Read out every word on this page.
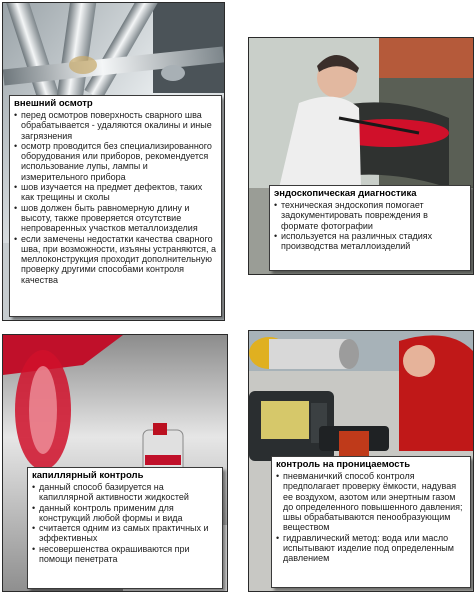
внешний осмотр
• перед осмотров поверхность сварного шва обрабатывается - удаляются окалины и иные загрязнения
• осмотр проводится без специализированного оборудования или приборов, рекомендуется использование лупы, лампы и измерительного прибора
• шов изучается на предмет дефектов, таких как трещины и сколы
• шов должен быть равномерную длину и высоту, также проверяется отсутствие непроваренных участков металлоизделия
• если замечены недостатки качества сварного шва, при возможности, изъяны устраняются, а меллоконструкция проходит дополнительную проверку другими способами контроля качества
эндоскопическая диагностика
• техническая эндоскопия помогает задокументировать повреждения в формате фотографии
• используется на различных стадиях производства металлоизделий
капиллярный контроль
• данный способ базируется на капиллярной активности жидкостей
• данный контроль применим для конструкций любой формы и вида
• считается одним из самых практичных и эффективных
• несовершенства окрашиваются при помощи пенетрата
контроль на проницаемость
• пневманичкий способ контроля предполагает проверку ёмкости, надувая ее воздухом, азотом или энертным газом до определенного повышенного давления; швы обрабатываются пенообразующим веществом
• гидравлический метод: вода или масло испытывают изделие под определенным давлением
